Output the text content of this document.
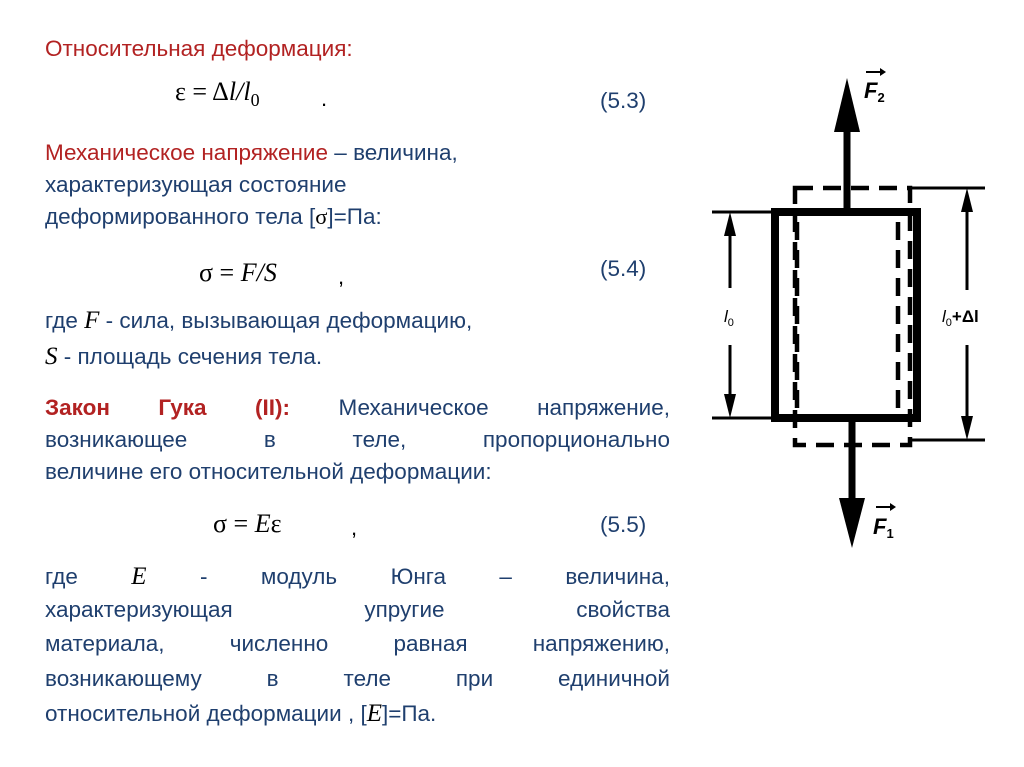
Относительная деформация:
$\varepsilon = \Delta l/l_0$	.	(5.3)
Механическое напряжение – величина,
характеризующая состояние
деформированного тела [σ]=Па:
σ = F/S	,	(5.4)
где F - сила, вызывающая деформацию,
S - площадь сечения тела.
Закон Гука (II): Механическое напряжение,
возникающее в теле, пропорционально
величине его относительной деформации:
σ = Eε	,	(5.5)
где E - модуль Юнга – величина,
характеризующая упругие свойства
материала, численно равная напряжению,
возникающему в теле при единичной
относительной деформации , [E]=Па.
F2
F1
$l_0$	$l_0+\Delta l$
